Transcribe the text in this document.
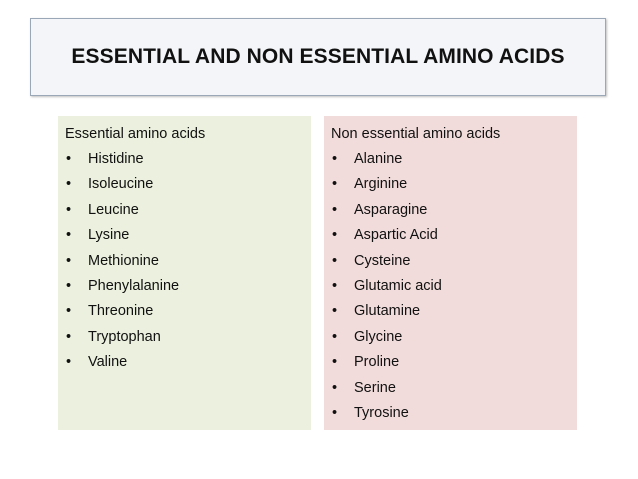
ESSENTIAL AND NON ESSENTIAL AMINO ACIDS
Essential amino acids
•	Histidine
•	Isoleucine
•	Leucine
•	Lysine
•	Methionine
•	Phenylalanine
•	Threonine
•	Tryptophan
•	Valine
Non essential amino acids
•	Alanine
•	Arginine
•	Asparagine
•	Aspartic Acid
•	Cysteine
•	Glutamic acid
•	Glutamine
•	Glycine
•	Proline
•	Serine
•	Tyrosine
